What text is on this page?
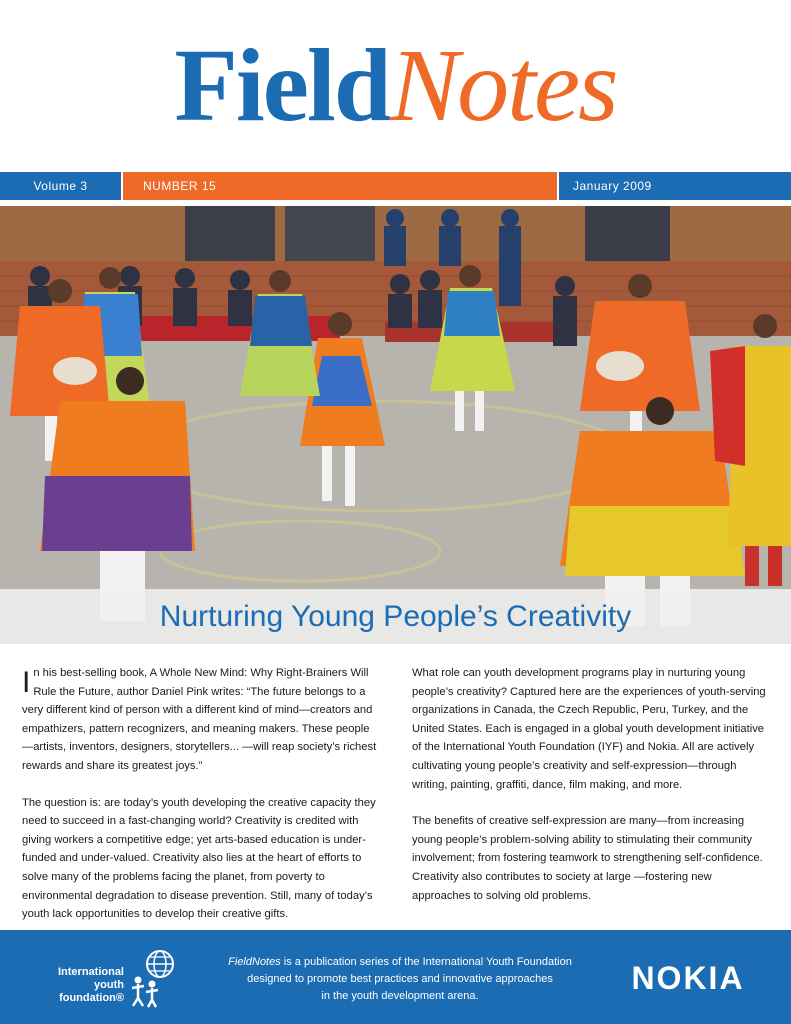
FieldNotes
Volume 3	NUMBER 15	January 2009
Nurturing Young People’s Creativity

In his best-selling book, A Whole New Mind: Why Right-Brainers Will Rule the Future, author Daniel Pink writes: “The future belongs to a very different kind of person with a different kind of mind—creators and empathizers, pattern recognizers, and meaning makers. These people—artists, inventors, designers, storytellers... —will reap society’s richest rewards and share its greatest joys.”

The question is: are today’s youth developing the creative capacity they need to succeed in a fast-changing world? Creativity is credited with giving workers a competitive edge; yet arts-based education is under-funded and under-valued. Creativity also lies at the heart of efforts to solve many of the problems facing the planet, from poverty to environmental degradation to disease prevention. Still, many of today’s youth lack opportunities to develop their creative gifts.

What role can youth development programs play in nurturing young people’s creativity? Captured here are the experiences of youth-serving organizations in Canada, the Czech Republic, Peru, Turkey, and the United States. Each is engaged in a global youth development initiative of the International Youth Foundation (IYF) and Nokia. All are actively cultivating young people’s creativity and self-expression—through writing, painting, graffiti, dance, film making, and more.

The benefits of creative self-expression are many—from increasing young people’s problem-solving ability to stimulating their community involvement; from fostering teamwork to strengthening self-confidence. Creativity also contributes to society at large —fostering new approaches to solving old problems.

International
youth
foundation®
FieldNotes is a publication series of the International Youth Foundation
designed to promote best practices and innovative approaches
in the youth development arena.	NOKIA
